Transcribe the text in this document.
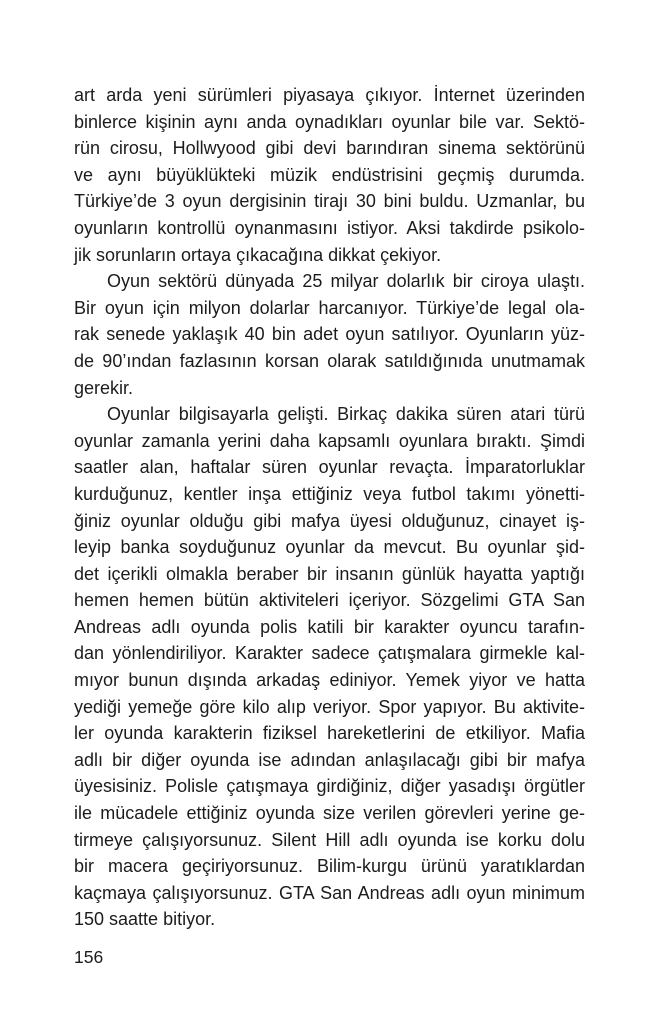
art arda yeni sürümleri piyasaya çıkıyor. İnternet üzerinden
binlerce kişinin aynı anda oynadıkları oyunlar bile var. Sektö-
rün cirosu, Hollwyood gibi devi barındıran sinema sektörünü
ve aynı büyüklükteki müzik endüstrisini geçmiş durumda.
Türkiye’de 3 oyun dergisinin tirajı 30 bini buldu. Uzmanlar, bu
oyunların kontrollü oynanmasını istiyor. Aksi takdirde psikolo-
jik sorunların ortaya çıkacağına dikkat çekiyor.
Oyun sektörü dünyada 25 milyar dolarlık bir ciroya ulaştı.
Bir oyun için milyon dolarlar harcanıyor. Türkiye’de legal ola-
rak senede yaklaşık 40 bin adet oyun satılıyor. Oyunların yüz-
de 90’ından fazlasının korsan olarak satıldığınıda unutmamak
gerekir.
Oyunlar bilgisayarla gelişti. Birkaç dakika süren atari türü
oyunlar zamanla yerini daha kapsamlı oyunlara bıraktı. Şimdi
saatler alan, haftalar süren oyunlar revaçta. İmparatorluklar
kurduğunuz, kentler inşa ettiğiniz veya futbol takımı yönetti-
ğiniz oyunlar olduğu gibi mafya üyesi olduğunuz, cinayet iş-
leyip banka soyduğunuz oyunlar da mevcut. Bu oyunlar şid-
det içerikli olmakla beraber bir insanın günlük hayatta yaptığı
hemen hemen bütün aktiviteleri içeriyor. Sözgelimi GTA San
Andreas adlı oyunda polis katili bir karakter oyuncu tarafın-
dan yönlendiriliyor. Karakter sadece çatışmalara girmekle kal-
mıyor bunun dışında arkadaş ediniyor. Yemek yiyor ve hatta
yediği yemeğe göre kilo alıp veriyor. Spor yapıyor. Bu aktivite-
ler oyunda karakterin fiziksel hareketlerini de etkiliyor. Mafia
adlı bir diğer oyunda ise adından anlaşılacağı gibi bir mafya
üyesisiniz. Polisle çatışmaya girdiğiniz, diğer yasadışı örgütler
ile mücadele ettiğiniz oyunda size verilen görevleri yerine ge-
tirmeye çalışıyorsunuz. Silent Hill adlı oyunda ise korku dolu
bir macera geçiriyorsunuz. Bilim-kurgu ürünü yaratıklardan
kaçmaya çalışıyorsunuz. GTA San Andreas adlı oyun minimum
150 saatte bitiyor.
156
